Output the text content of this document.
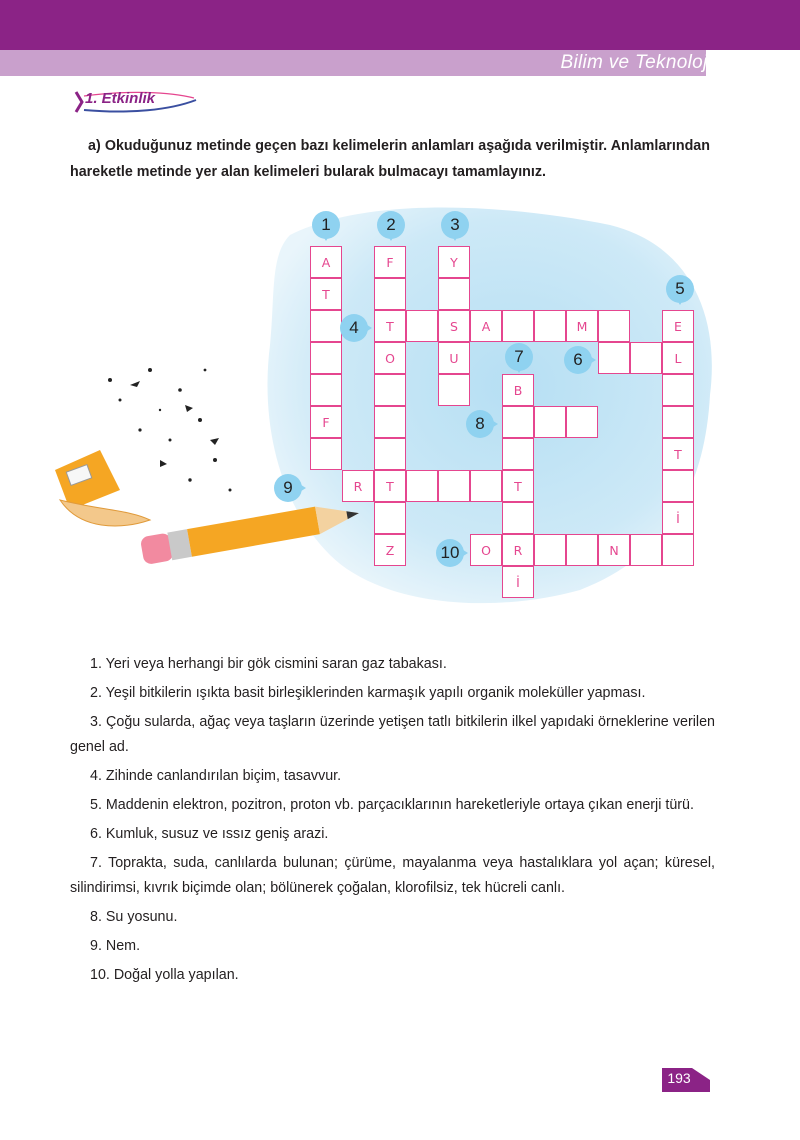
Bilim ve Teknoloji
1. Etkinlik
a) Okuduğunuz metinde geçen bazı kelimelerin anlamları aşağıda verilmiştir. Anlamlarından hareketle metinde yer alan kelimeleri bularak bulmacayı tamamlayınız.
A
T
F
F
T
O
Z
Y
S
U
R	T	T
A	M	E
L
T
İ
B
R
İ
O	N
1	2	3
4
5
6
7
8
9
10

1. Yeri veya herhangi bir gök cismini saran gaz tabakası.

2. Yeşil bitkilerin ışıkta basit birleşiklerinden karmaşık yapılı organik moleküller yapması.

3. Çoğu sularda, ağaç veya taşların üzerinde yetişen tatlı bitkilerin ilkel yapıdaki örneklerine verilen genel ad.

4. Zihinde canlandırılan biçim, tasavvur.

5. Maddenin elektron, pozitron, proton vb. parçacıklarının hareketleriyle ortaya çıkan enerji türü.

6. Kumluk, susuz ve ıssız geniş arazi.

7. Toprakta, suda, canlılarda bulunan; çürüme, mayalanma veya hastalıklara yol açan; küresel, silindirimsi, kıvrık biçimde olan; bölünerek çoğalan, klorofilsiz, tek hücreli canlı.

8. Su yosunu.

9. Nem.

10. Doğal yolla yapılan.

193
